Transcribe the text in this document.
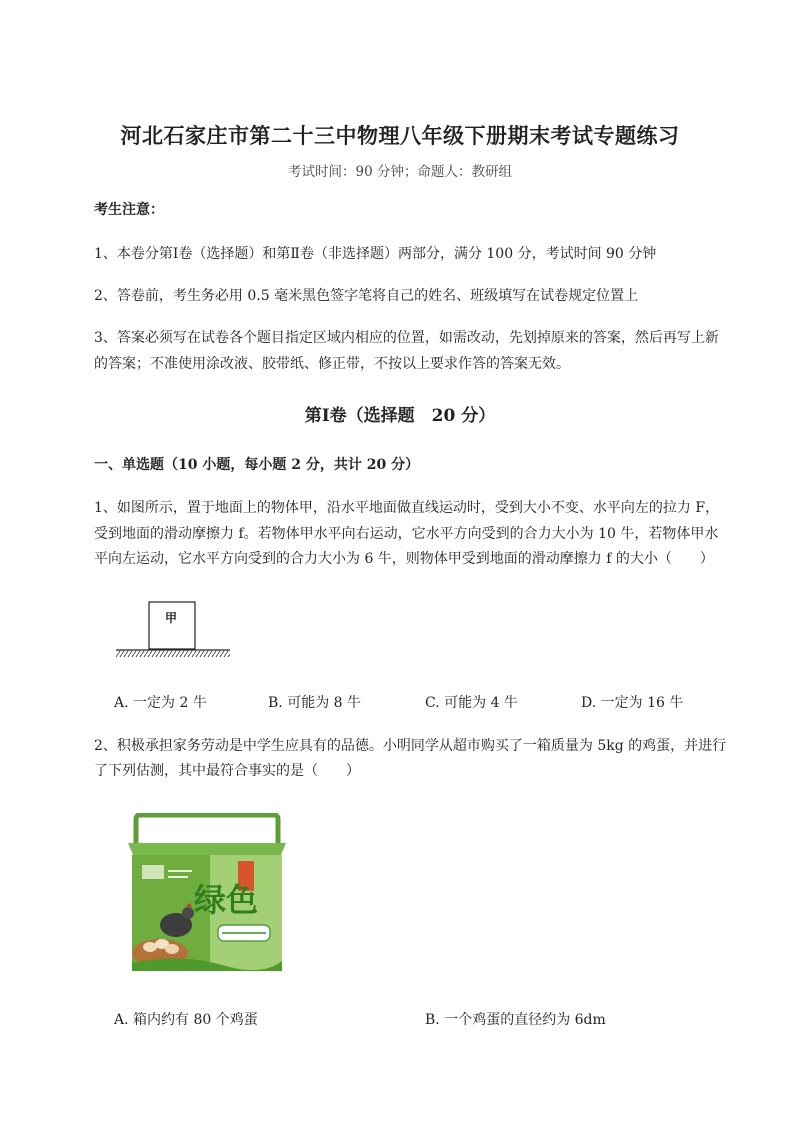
河北石家庄市第二十三中物理八年级下册期末考试专题练习
考试时间：90 分钟；命题人：教研组
考生注意：
1、本卷分第Ⅰ卷（选择题）和第Ⅱ卷（非选择题）两部分，满分 100 分，考试时间 90 分钟
2、答卷前，考生务必用 0.5 毫米黑色签字笔将自己的姓名、班级填写在试卷规定位置上
3、答案必须写在试卷各个题目指定区域内相应的位置，如需改动，先划掉原来的答案，然后再写上新
的答案；不准使用涂改液、胶带纸、修正带，不按以上要求作答的答案无效。
第Ⅰ卷（选择题　20 分）
一、单选题（10 小题，每小题 2 分，共计 20 分）
1、如图所示，置于地面上的物体甲，沿水平地面做直线运动时，受到大小不变、水平向左的拉力 F，
受到地面的滑动摩擦力 f。若物体甲水平向右运动，它水平方向受到的合力大小为 10 牛，若物体甲水
平向左运动，它水平方向受到的合力大小为 6 牛，则物体甲受到地面的滑动摩擦力 f 的大小（　　）
甲
A. 一定为 2 牛	B. 可能为 8 牛	C. 可能为 4 牛	D. 一定为 16 牛
2、积极承担家务劳动是中学生应具有的品德。小明同学从超市购买了一箱质量为 5kg 的鸡蛋，并进行
了下列估测，其中最符合事实的是（　　）
绿色
A. 箱内约有 80 个鸡蛋	B. 一个鸡蛋的直径约为 6dm
